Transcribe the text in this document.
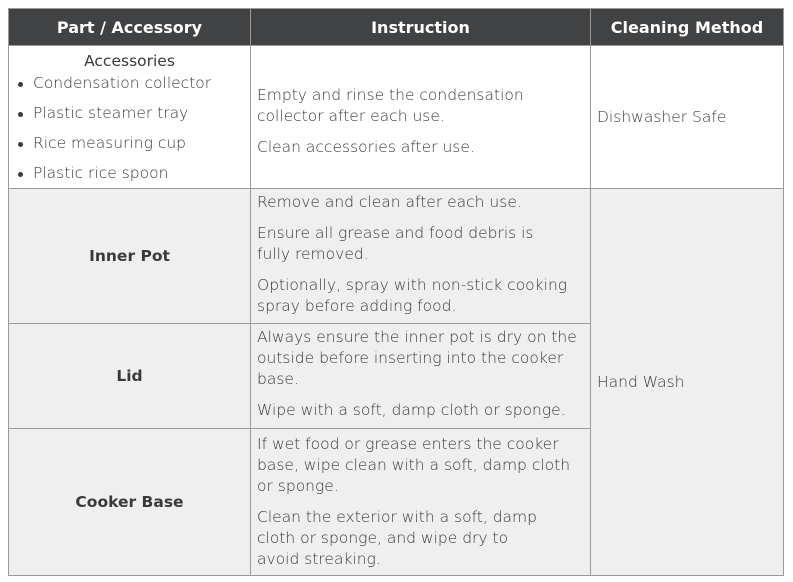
Part / Accessory	Instruction	Cleaning Method
Accessories
Condensation collector
Plastic steamer tray
Rice measuring cup
Plastic rice spoon

Empty and rinse the condensation collector after each use.

Clean accessories after use.

Dishwasher Safe
Inner Pot

Remove and clean after each use.

Ensure all grease and food debris is fully removed.

Optionally, spray with non-stick cooking spray before adding food.

Lid

Always ensure the inner pot is dry on the outside before inserting into the cooker base.

Wipe with a soft, damp cloth or sponge.

Cooker Base

If wet food or grease enters the cooker base, wipe clean with a soft, damp cloth or sponge.

Clean the exterior with a soft, damp cloth or sponge, and wipe dry to avoid streaking.

Hand Wash
